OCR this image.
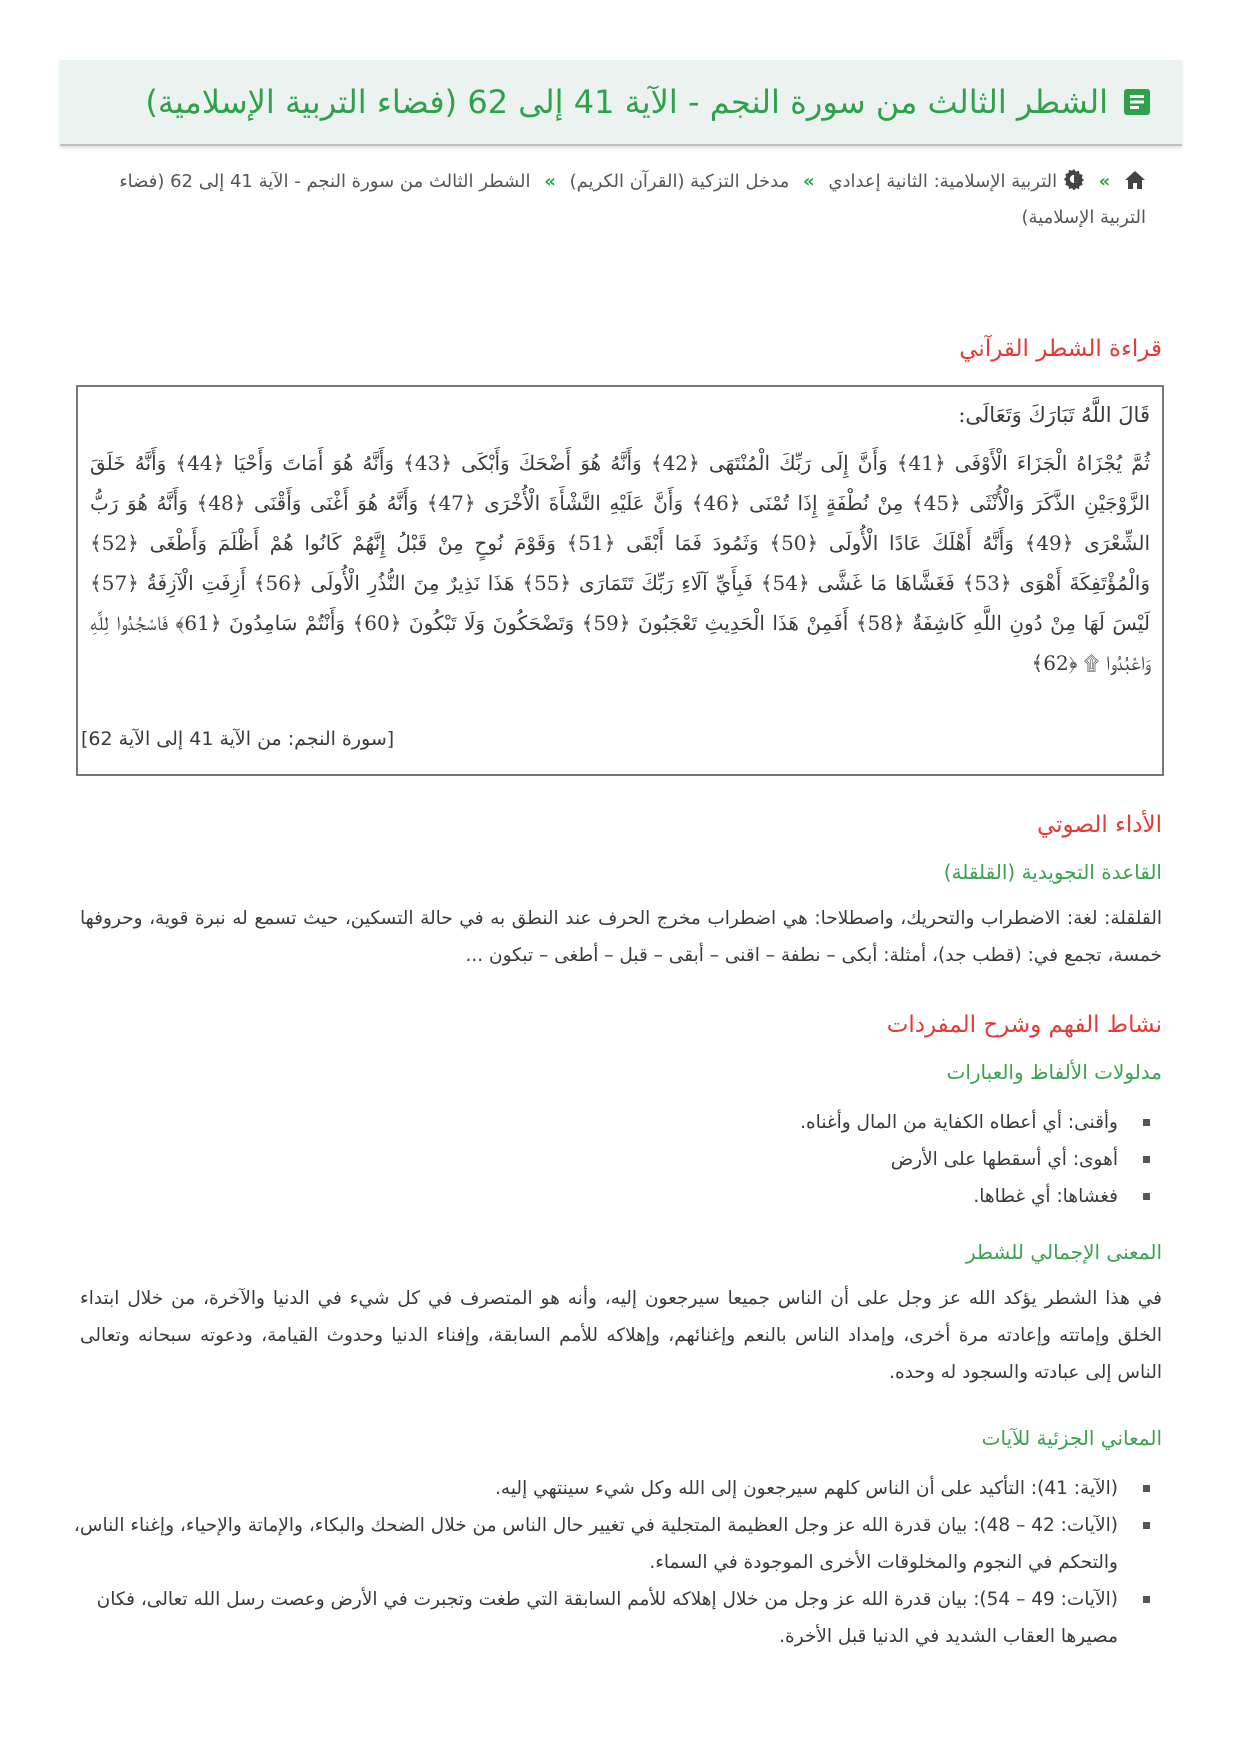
الشطر الثالث من سورة النجم - الآية 41 إلى 62 (فضاء التربية الإسلامية)
»  التربية الإسلامية: الثانية إعدادي » مدخل التزكية (القرآن الكريم) » الشطر الثالث من سورة النجم - الآية 41 إلى 62 (فضاء التربية الإسلامية)
قراءة الشطر القرآني

قَالَ اللَّهُ تَبَارَكَ وَتَعَالَى:

ثُمَّ يُجْزَاهُ الْجَزَاءَ الْأَوْفَى ﴿41﴾ وَأَنَّ إِلَى رَبِّكَ الْمُنْتَهَى ﴿42﴾ وَأَنَّهُ هُوَ أَضْحَكَ وَأَبْكَى ﴿43﴾ وَأَنَّهُ هُوَ أَمَاتَ وَأَحْيَا ﴿44﴾ وَأَنَّهُ خَلَقَ الزَّوْجَيْنِ الذَّكَرَ وَالْأُنْثَى ﴿45﴾ مِنْ نُطْفَةٍ إِذَا تُمْنَى ﴿46﴾ وَأَنَّ عَلَيْهِ النَّشْأَةَ الْأُخْرَى ﴿47﴾ وَأَنَّهُ هُوَ أَغْنَى وَأَقْنَى ﴿48﴾ وَأَنَّهُ هُوَ رَبُّ الشِّعْرَى ﴿49﴾ وَأَنَّهُ أَهْلَكَ عَادًا الْأُولَى ﴿50﴾ وَثَمُودَ فَمَا أَبْقَى ﴿51﴾ وَقَوْمَ نُوحٍ مِنْ قَبْلُ إِنَّهُمْ كَانُوا هُمْ أَظْلَمَ وَأَطْغَى ﴿52﴾ وَالْمُؤْتَفِكَةَ أَهْوَى ﴿53﴾ فَغَشَّاهَا مَا غَشَّى ﴿54﴾ فَبِأَيِّ آلَاءِ رَبِّكَ تَتَمَارَى ﴿55﴾ هَذَا نَذِيرٌ مِنَ النُّذُرِ الْأُولَى ﴿56﴾ أَزِفَتِ الْآزِفَةُ ﴿57﴾ لَيْسَ لَهَا مِنْ دُونِ اللَّهِ كَاشِفَةٌ ﴿58﴾ أَفَمِنْ هَذَا الْحَدِيثِ تَعْجَبُونَ ﴿59﴾ وَتَضْحَكُونَ وَلَا تَبْكُونَ ﴿60﴾ وَأَنْتُمْ سَامِدُونَ ﴿61﴾ فَاسْجُدُوا لِلَّهِ وَاعْبُدُوا ۩ ﴿62﴾

[سورة النجم: من الآية 41 إلى الآية 62]
الأداء الصوتي
القاعدة التجويدية (القلقلة)

القلقلة: لغة: الاضطراب والتحريك، واصطلاحا: هي اضطراب مخرج الحرف عند النطق به في حالة التسكين، حيث تسمع له نبرة قوية، وحروفها خمسة، تجمع في: (قطب جد)، أمثلة: أبكى – نطفة – اقنى – أبقى – قبل – أطغى – تبكون ...

نشاط الفهم وشرح المفردات
مدلولات الألفاظ والعبارات
وأقنى: أي أعطاه الكفاية من المال وأغناه.
أهوى: أي أسقطها على الأرض
فغشاها: أي غطاها.
المعنى الإجمالي للشطر

في هذا الشطر يؤكد الله عز وجل على أن الناس جميعا سيرجعون إليه، وأنه هو المتصرف في كل شيء في الدنيا والآخرة، من خلال ابتداء الخلق وإماتته وإعادته مرة أخرى، وإمداد الناس بالنعم وإغنائهم، وإهلاكه للأمم السابقة، وإفناء الدنيا وحدوث القيامة، ودعوته سبحانه وتعالى الناس إلى عبادته والسجود له وحده.

المعاني الجزئية للآيات
(الآية: 41): التأكيد على أن الناس كلهم سيرجعون إلى الله وكل شيء سينتهي إليه.
(الآيات: 42 – 48): بيان قدرة الله عز وجل العظيمة المتجلية في تغيير حال الناس من خلال الضحك والبكاء، والإماتة والإحياء، وإغناء الناس، والتحكم في النجوم والمخلوقات الأخرى الموجودة في السماء.
(الآيات: 49 – 54): بيان قدرة الله عز وجل من خلال إهلاكه للأمم السابقة التي طغت وتجبرت في الأرض وعصت رسل الله تعالى، فكان مصيرها العقاب الشديد في الدنيا قبل الأخرة.
